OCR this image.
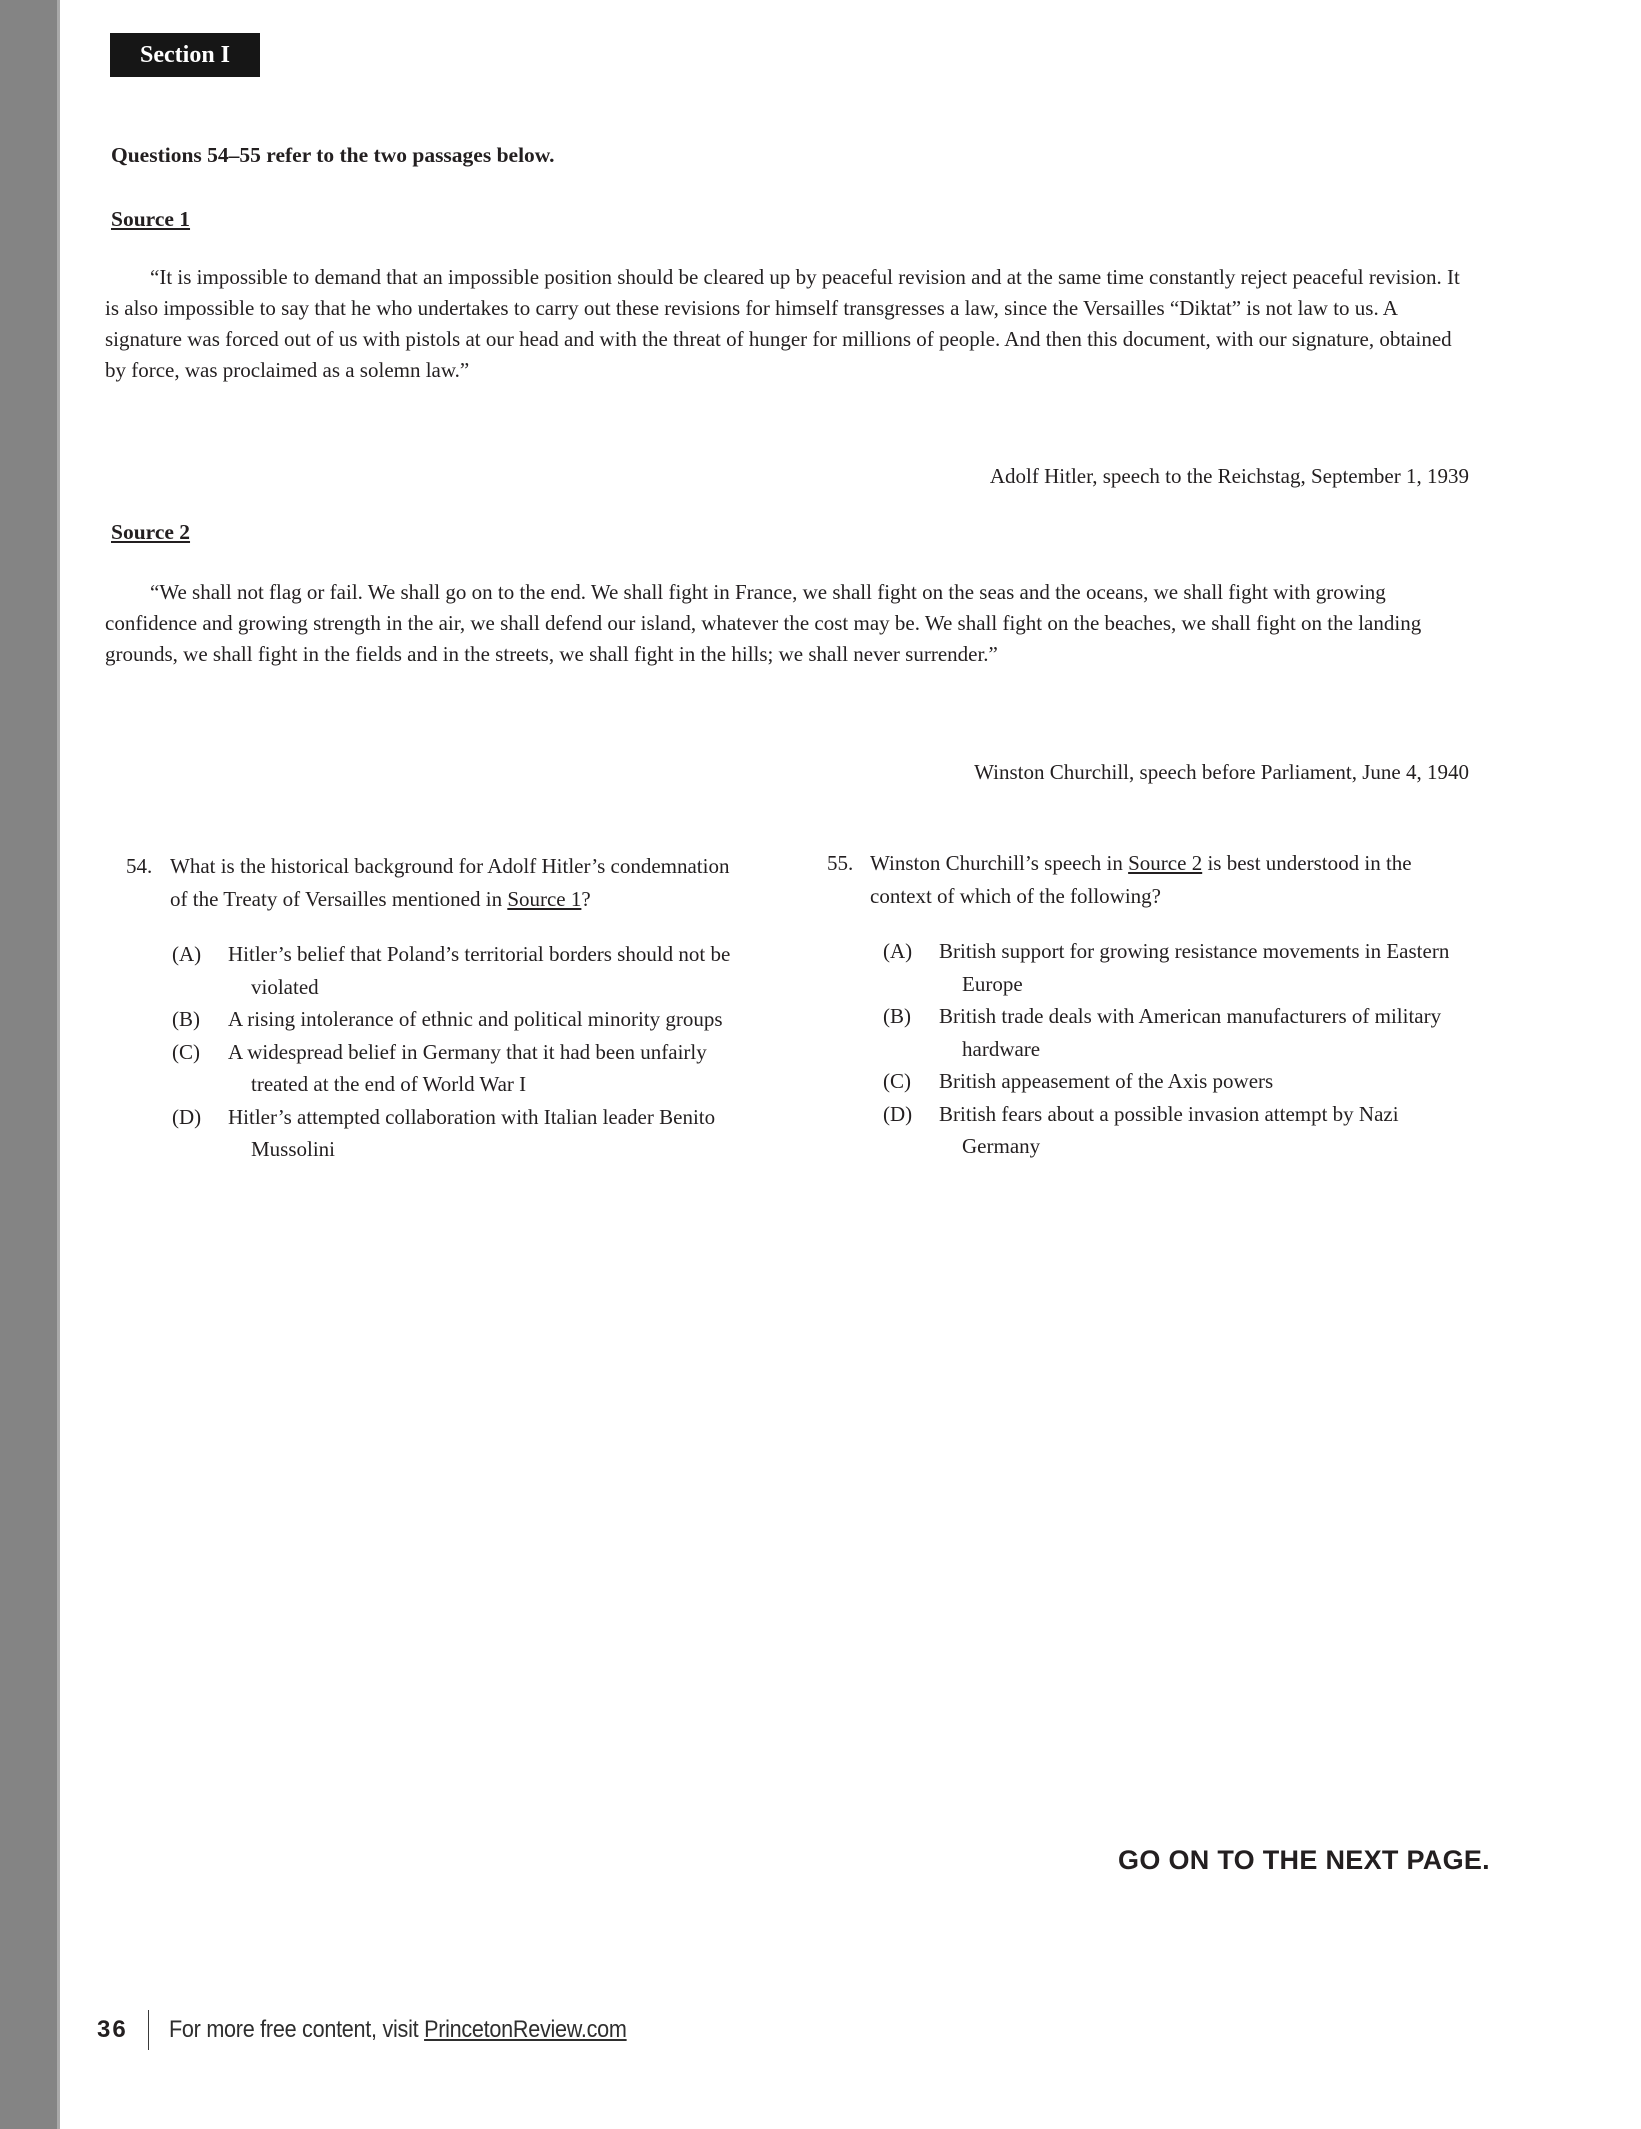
Section I

Questions 54–55 refer to the two passages below.

Source 1

“It is impossible to demand that an impossible position should be cleared up by peaceful revision and at the same time constantly reject peaceful revision. It is also impossible to say that he who undertakes to carry out these revisions for himself transgresses a law, since the Versailles “Diktat” is not law to us. A signature was forced out of us with pistols at our head and with the threat of hunger for millions of people. And then this document, with our signature, obtained by force, was proclaimed as a solemn law.”

Adolf Hitler, speech to the Reichstag, September 1, 1939

Source 2

“We shall not flag or fail. We shall go on to the end. We shall fight in France, we shall fight on the seas and the oceans, we shall fight with growing confidence and growing strength in the air, we shall defend our island, whatever the cost may be. We shall fight on the beaches, we shall fight on the landing grounds, we shall fight in the fields and in the streets, we shall fight in the hills; we shall never surrender.”

Winston Churchill, speech before Parliament, June 4, 1940

54. What is the historical background for Adolf Hitler’s condemnation of the Treaty of Versailles mentioned in Source 1?

(A)	Hitler’s belief that Poland’s territorial borders should not be violated

(B)	A rising intolerance of ethnic and political minority groups

(C)	A widespread belief in Germany that it had been unfairly treated at the end of World War I

(D)	Hitler’s attempted collaboration with Italian leader Benito Mussolini

55. Winston Churchill’s speech in Source 2 is best understood in the context of which of the following?

(A)	British support for growing resistance movements in Eastern Europe

(B)	British trade deals with American manufacturers of military hardware

(C)	British appeasement of the Axis powers

(D)	British fears about a possible invasion attempt by Nazi Germany

GO ON TO THE NEXT PAGE.

36 For more free content, visit PrincetonReview.com
